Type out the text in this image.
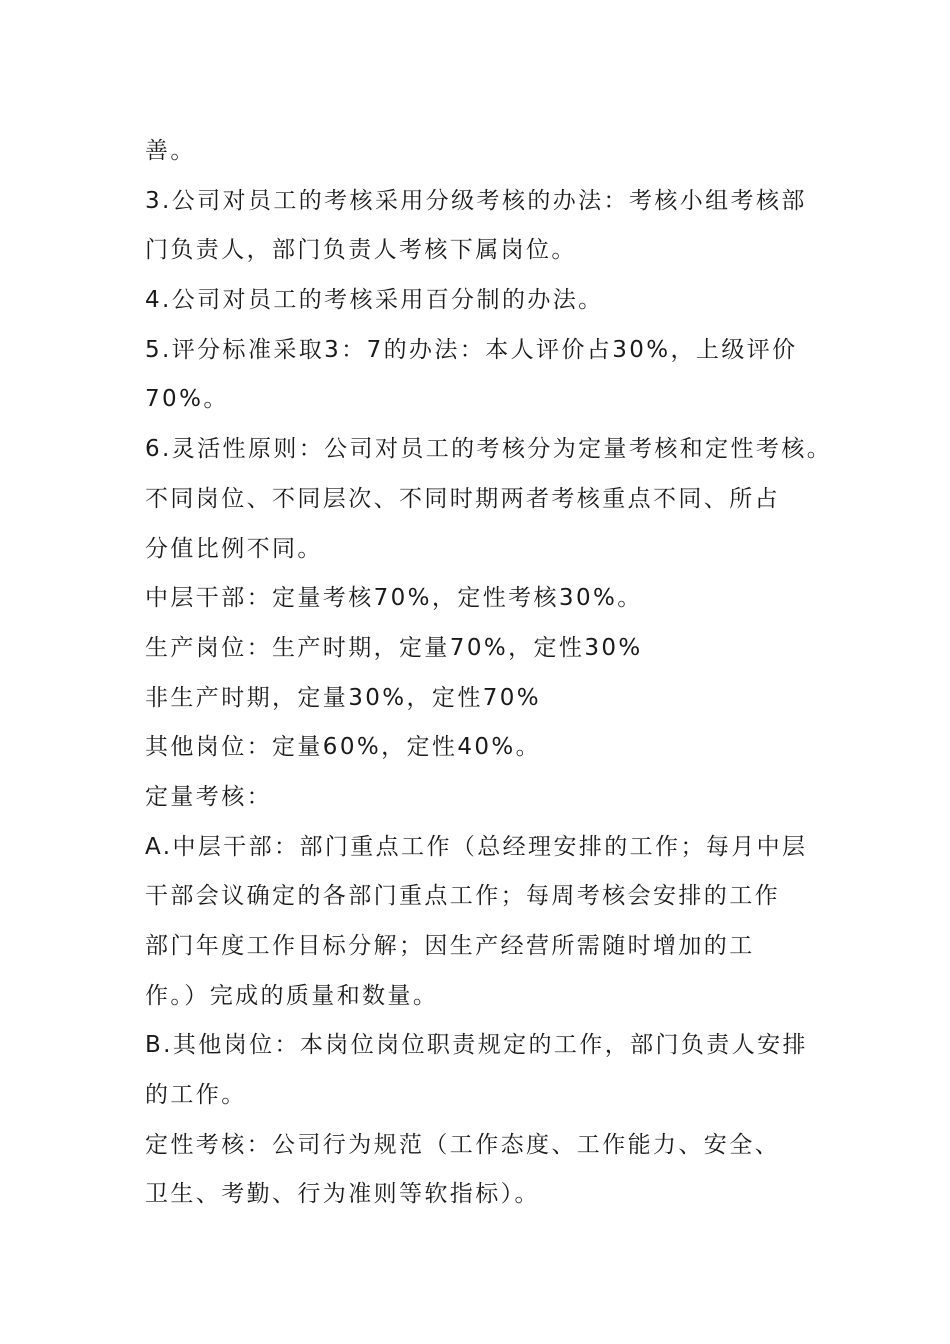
善。
3.公司对员工的考核采用分级考核的办法：考核小组考核部
门负责人，部门负责人考核下属岗位。
4.公司对员工的考核采用百分制的办法。
5.评分标准采取3：7的办法：本人评价占30%，上级评价
70%。
6.灵活性原则：公司对员工的考核分为定量考核和定性考核。
不同岗位、不同层次、不同时期两者考核重点不同、所占
分值比例不同。
中层干部：定量考核70%，定性考核30%。
生产岗位：生产时期，定量70%，定性30%
非生产时期，定量30%，定性70%
其他岗位：定量60%，定性40%。
定量考核：
A.中层干部：部门重点工作（总经理安排的工作；每月中层
干部会议确定的各部门重点工作；每周考核会安排的工作
部门年度工作目标分解；因生产经营所需随时增加的工
作。）完成的质量和数量。
B.其他岗位：本岗位岗位职责规定的工作，部门负责人安排
的工作。
定性考核：公司行为规范（工作态度、工作能力、安全、
卫生、考勤、行为准则等软指标）。
